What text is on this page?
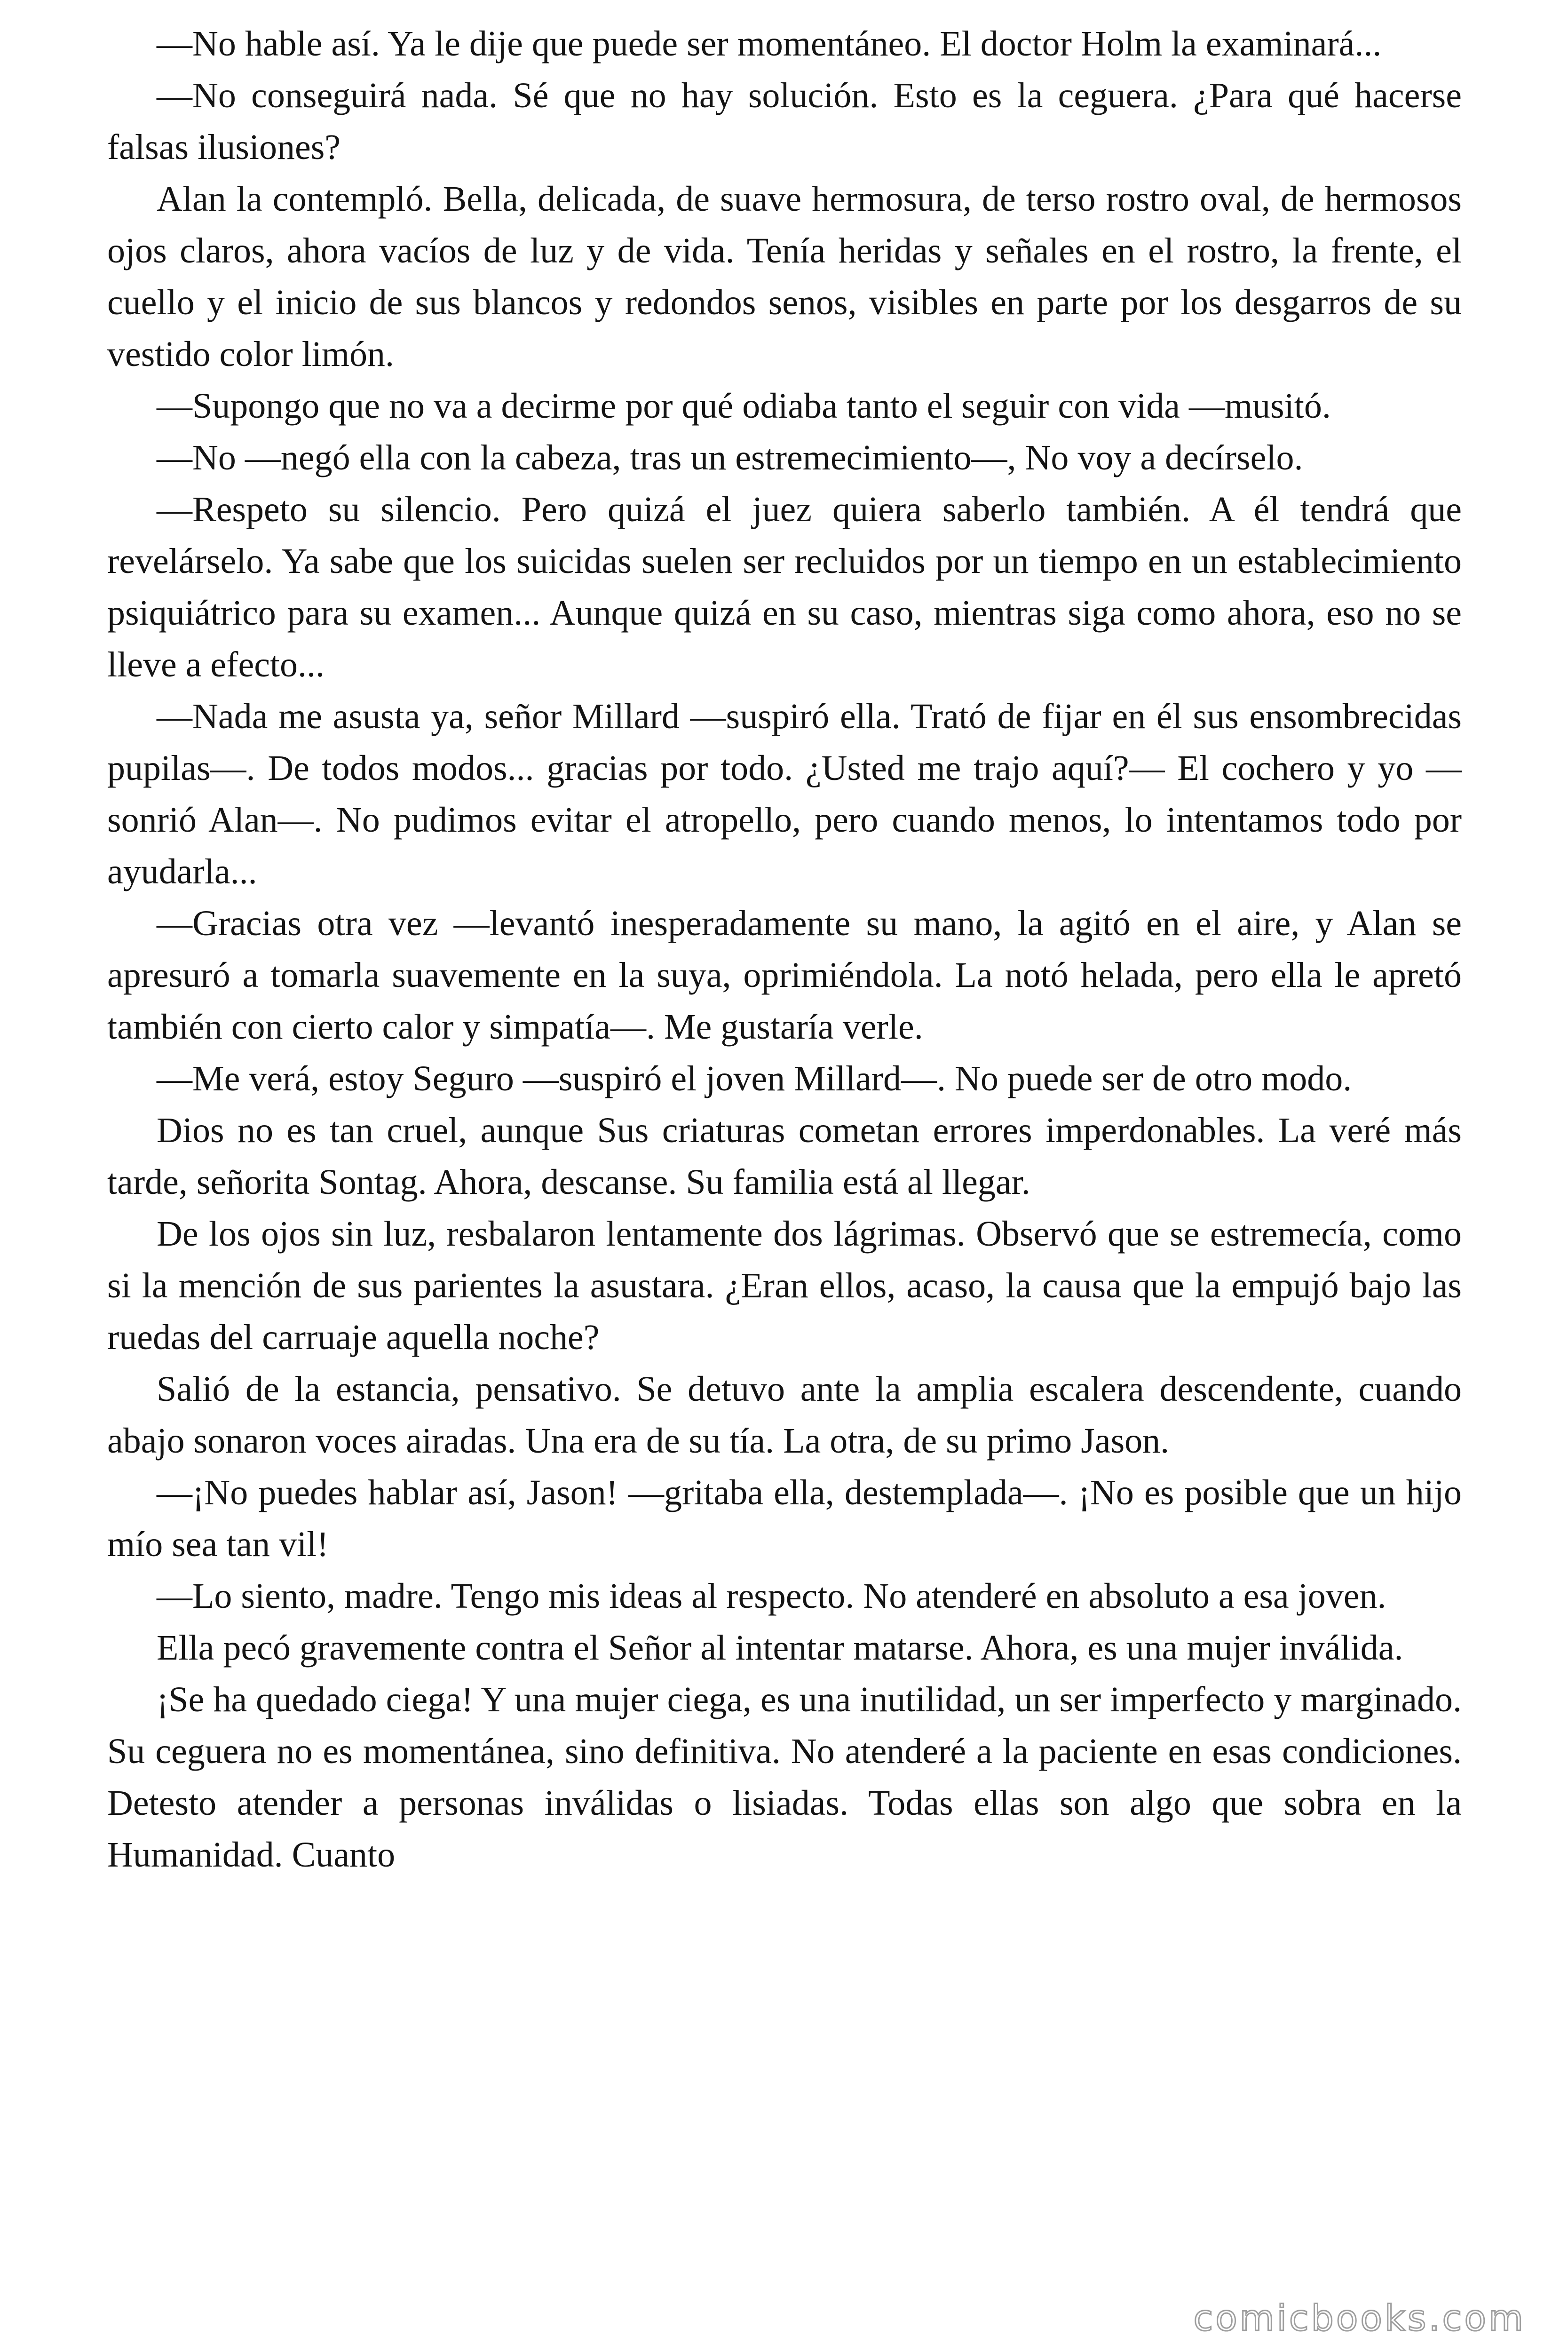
—No hable así. Ya le dije que puede ser momentáneo. El doctor Holm la examinará...

—No conseguirá nada. Sé que no hay solución. Esto es la ceguera. ¿Para qué hacerse falsas ilusiones?

Alan la contempló. Bella, delicada, de suave hermosura, de terso rostro oval, de hermosos ojos claros, ahora vacíos de luz y de vida. Tenía heridas y señales en el rostro, la frente, el cuello y el inicio de sus blancos y redondos senos, visibles en parte por los desgarros de su vestido color limón.

—Supongo que no va a decirme por qué odiaba tanto el seguir con vida —musitó.

—No —negó ella con la cabeza, tras un estremecimiento—, No voy a decírselo.

—Respeto su silencio. Pero quizá el juez quiera saberlo también. A él tendrá que revelárselo. Ya sabe que los suicidas suelen ser recluidos por un tiempo en un establecimiento psiquiátrico para su examen... Aunque quizá en su caso, mientras siga como ahora, eso no se lleve a efecto...

—Nada me asusta ya, señor Millard —suspiró ella. Trató de fijar en él sus ensombrecidas pupilas—. De todos modos... gracias por todo. ¿Usted me trajo aquí?— El cochero y yo —sonrió Alan—. No pudimos evitar el atropello, pero cuando menos, lo intentamos todo por ayudarla...

—Gracias otra vez —levantó inesperadamente su mano, la agitó en el aire, y Alan se apresuró a tomarla suavemente en la suya, oprimiéndola. La notó helada, pero ella le apretó también con cierto calor y simpatía—. Me gustaría verle.

—Me verá, estoy Seguro —suspiró el joven Millard—. No puede ser de otro modo.

Dios no es tan cruel, aunque Sus criaturas cometan errores imperdonables. La veré más tarde, señorita Sontag. Ahora, descanse. Su familia está al llegar.

De los ojos sin luz, resbalaron lentamente dos lágrimas. Observó que se estremecía, como si la mención de sus parientes la asustara. ¿Eran ellos, acaso, la causa que la empujó bajo las ruedas del carruaje aquella noche?

Salió de la estancia, pensativo. Se detuvo ante la amplia escalera descendente, cuando abajo sonaron voces airadas. Una era de su tía. La otra, de su primo Jason.

—¡No puedes hablar así, Jason! —gritaba ella, destemplada—. ¡No es posible que un hijo mío sea tan vil!

—Lo siento, madre. Tengo mis ideas al respecto. No atenderé en absoluto a esa joven.

Ella pecó gravemente contra el Señor al intentar matarse. Ahora, es una mujer inválida.

¡Se ha quedado ciega! Y una mujer ciega, es una inutilidad, un ser imperfecto y marginado. Su ceguera no es momentánea, sino definitiva. No atenderé a la paciente en esas condiciones. Detesto atender a personas inválidas o lisiadas. Todas ellas son algo que sobra en la Humanidad. Cuanto

comicbooks.com
